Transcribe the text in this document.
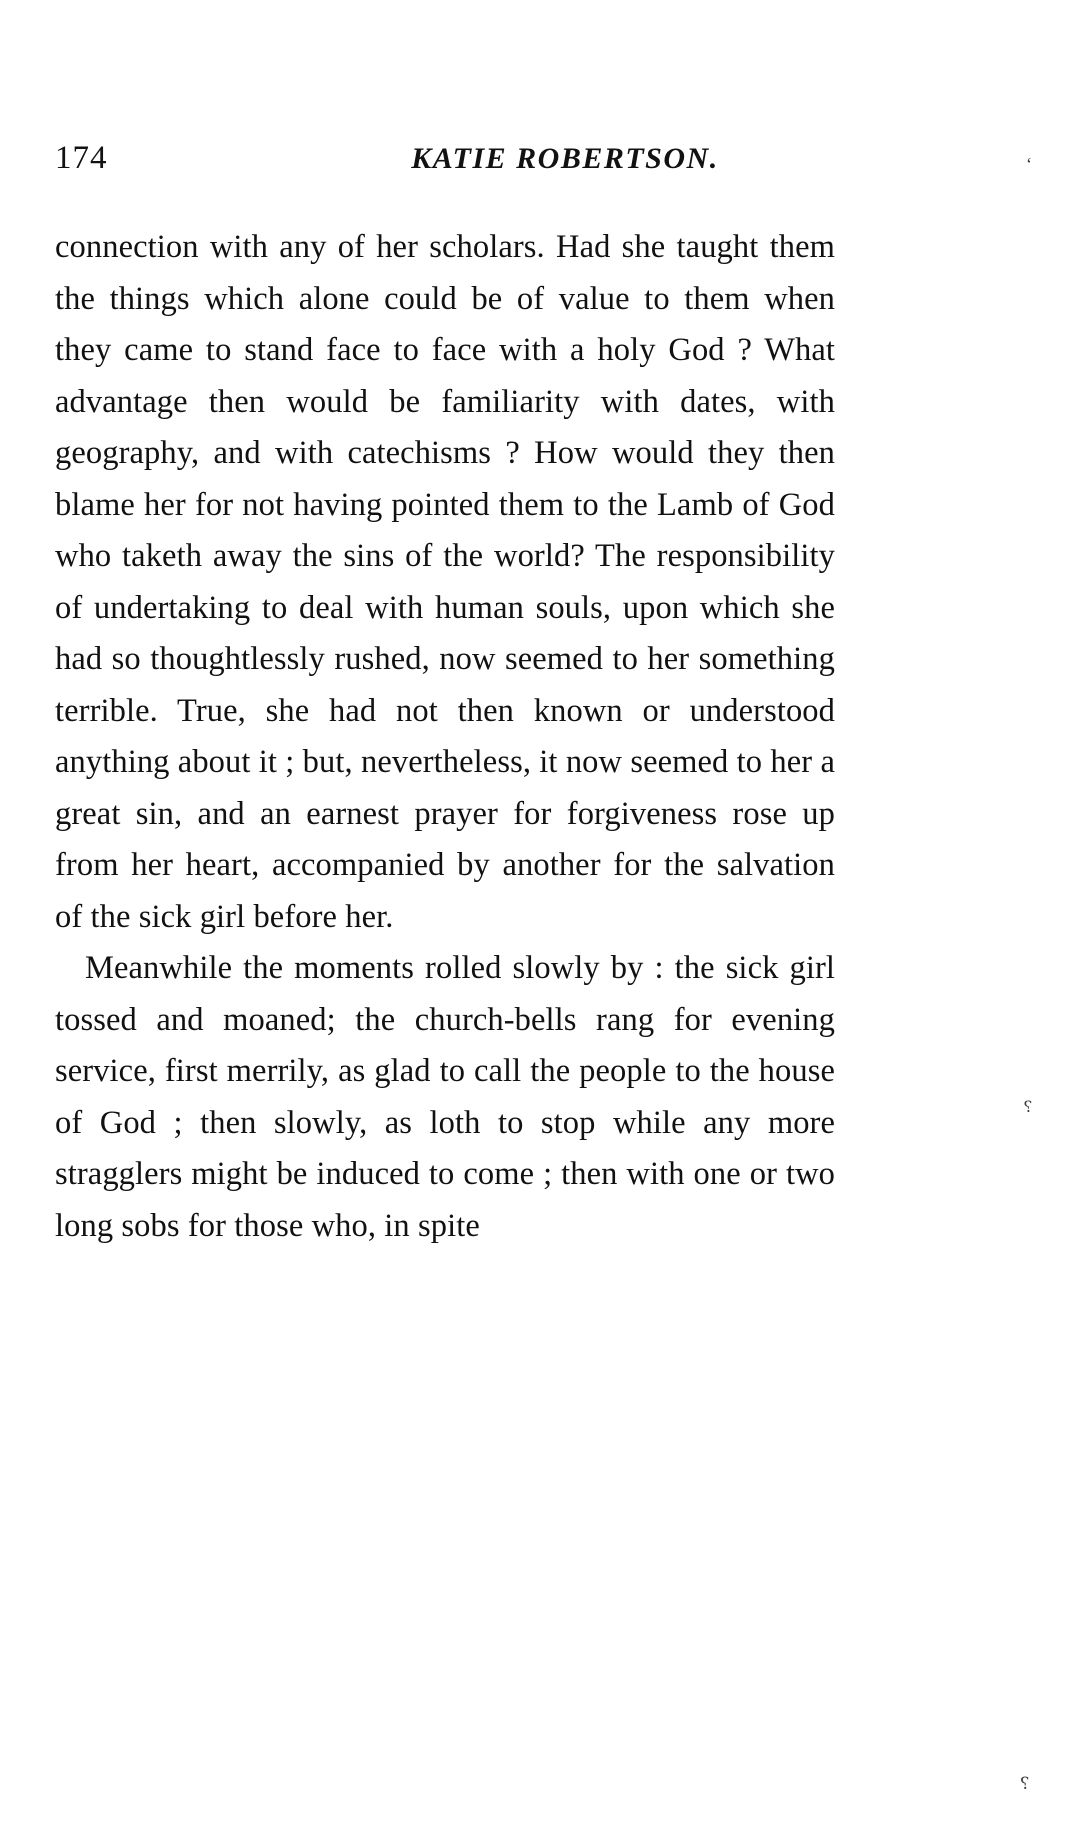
174	KATIE ROBERTSON.	‘
⸮
⸮

connection with any of her scholars. Had she taught them the things which alone could be of value to them when they came to stand face to face with a holy God ? What advantage then would be familiarity with dates, with geography, and with catechisms ? How would they then blame her for not having pointed them to the Lamb of God who taketh away the sins of the world? The responsibility of undertaking to deal with human souls, upon which she had so thoughtlessly rushed, now seemed to her something terrible. True, she had not then known or understood anything about it ; but, nevertheless, it now seemed to her a great sin, and an earnest prayer for forgiveness rose up from her heart, accompanied by another for the salvation of the sick girl before her.

Meanwhile the moments rolled slowly by : the sick girl tossed and moaned; the church-bells rang for evening service, first merrily, as glad to call the people to the house of God ; then slowly, as loth to stop while any more stragglers might be induced to come ; then with one or two long sobs for those who, in spite
